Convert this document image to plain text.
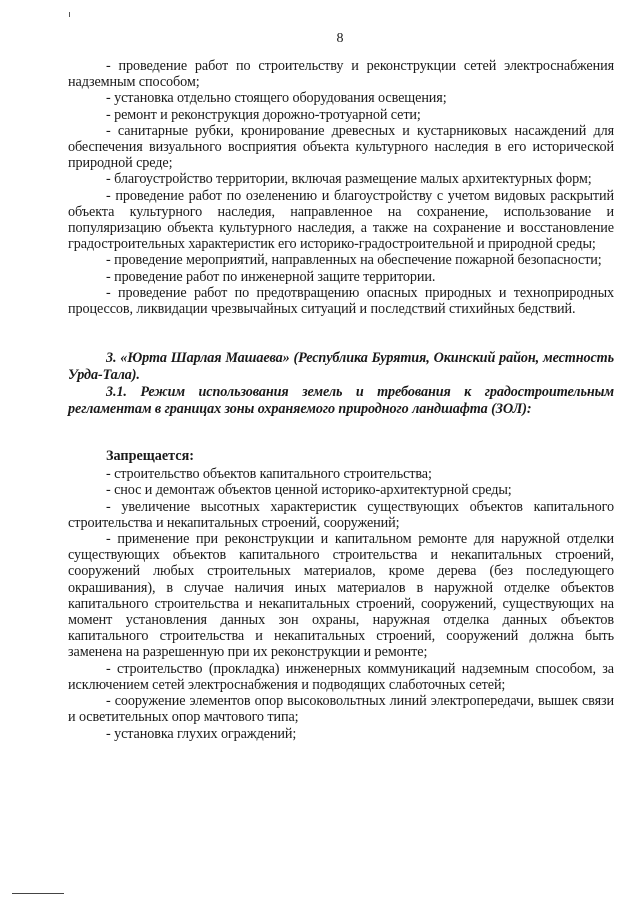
8

- проведение работ по строительству и реконструкции сетей электроснабжения надземным способом;

- установка отдельно стоящего оборудования освещения;

- ремонт и реконструкция дорожно-тротуарной сети;

- санитарные рубки, кронирование древесных и кустарниковых насаждений для обеспечения визуального восприятия объекта культурного наследия в его исторической природной среде;

- благоустройство территории, включая размещение малых архитектурных форм;

- проведение работ по озеленению и благоустройству с учетом видовых раскрытий объекта культурного наследия, направленное на сохранение, использование и популяризацию объекта культурного наследия, а также на сохранение и восстановление градостроительных характеристик его историко-градостроительной и природной среды;

- проведение мероприятий, направленных на обеспечение пожарной безопасности;

- проведение работ по инженерной защите территории.

- проведение работ по предотвращению опасных природных и техноприродных процессов, ликвидации чрезвычайных ситуаций и последствий стихийных бедствий.

3. «Юрта Шарлая Машаева» (Республика Бурятия, Окинский район, местность Урда-Тала).

3.1. Режим использования земель и требования к градостроительным регламентам в границах зоны охраняемого природного ландшафта (ЗОЛ):

Запрещается:

- строительство объектов капитального строительства;

- снос и демонтаж объектов ценной историко-архитектурной среды;

- увеличение высотных характеристик существующих объектов капитального строительства и некапитальных строений, сооружений;

- применение при реконструкции и капитальном ремонте для наружной отделки существующих объектов капитального строительства и некапитальных строений, сооружений любых строительных материалов, кроме дерева (без последующего окрашивания), в случае наличия иных материалов в наружной отделке объектов капитального строительства и некапитальных строений, сооружений, существующих на момент установления данных зон охраны, наружная отделка данных объектов капитального строительства и некапитальных строений, сооружений должна быть заменена на разрешенную при их реконструкции и ремонте;

- строительство (прокладка) инженерных коммуникаций надземным способом, за исключением сетей электроснабжения и подводящих слаботочных сетей;

- сооружение элементов опор высоковольтных линий электропередачи, вышек связи и осветительных опор мачтового типа;

- установка глухих ограждений;
